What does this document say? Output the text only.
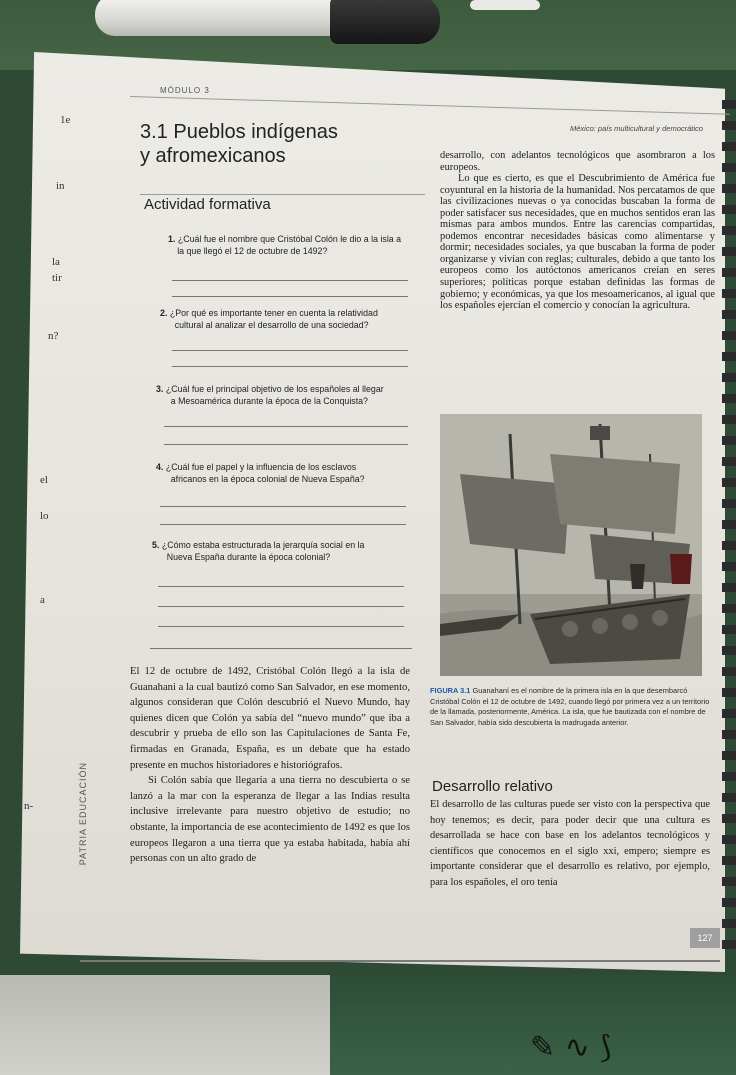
✎ ∿ ⟆
MÓDULO 3
México: país multicultural y democrático
3.1 Pueblos indígenas
y afromexicanos
Actividad formativa
1. ¿Cuál fue el nombre que Cristóbal Colón le dio a la isla a
la que llegó el 12 de octubre de 1492?
2. ¿Por qué es importante tener en cuenta la relatividad
cultural al analizar el desarrollo de una sociedad?
3. ¿Cuál fue el principal objetivo de los españoles al llegar
a Mesoamérica durante la época de la Conquista?
4. ¿Cuál fue el papel y la influencia de los esclavos
africanos en la época colonial de Nueva España?
5. ¿Cómo estaba estructurada la jerarquía social en la
Nueva España durante la época colonial?

desarrollo, con adelantos tecnológicos que asombraron a los europeos.

Lo que es cierto, es que el Descubrimiento de América fue coyuntural en la historia de la humanidad. Nos percatamos de que las civilizaciones nuevas o ya conocidas buscaban la forma de poder satisfacer sus necesidades, que en muchos sentidos eran las mismas para ambos mundos. Entre las carencias compartidas, podemos encontrar necesidades básicas como alimentarse y dormir; necesidades sociales, ya que buscaban la forma de poder organizarse y vivían con reglas; culturales, debido a que tanto los europeos como los autóctonos americanos creían en seres superiores; políticas porque estaban definidas las formas de gobierno; y económicas, ya que los mesoamericanos, al igual que los españoles ejercían el comercio y conocían la agricultura.

FIGURA 3.1 Guanahaní es el nombre de la primera isla en la que desembarcó Cristóbal Colón el 12 de octubre de 1492, cuando llegó por primera vez a un territorio de la llamada, posteriormente, América. La isla, que fue bautizada con el nombre de San Salvador, había sido descubierta la madrugada anterior.

El 12 de octubre de 1492, Cristóbal Colón llegó a la isla de Guanahani a la cual bautizó como San Salvador, en ese momento, algunos consideran que Colón descubrió el Nuevo Mundo, hay quienes dicen que Colón ya sabía del “nuevo mundo” que iba a descubrir y prueba de ello son las Capitulaciones de Santa Fe, firmadas en Granada, España, es un debate que ha estado presente en muchos historiadores e historiógrafos.

Si Colón sabía que llegaría a una tierra no descubierta o se lanzó a la mar con la esperanza de llegar a las Indias resulta inclusive irrelevante para nuestro objetivo de estudio; no obstante, la importancia de ese acontecimiento de 1492 es que los europeos llegaron a una tierra que ya estaba habitada, había ahí personas con un alto grado de

Desarrollo relativo
El desarrollo de las culturas puede ser visto con la perspectiva que hoy tenemos; es decir, para poder decir que una cultura es desarrollada se hace con base en los adelantos tecnológicos y científicos que conocemos en el siglo xxi, empero; siempre es importante considerar que el desarrollo es relativo, por ejemplo, para los españoles, el oro tenía
1e
in
la
tir
n?
el
lo
a
n-	PATRIA EDUCACIÓN
127
